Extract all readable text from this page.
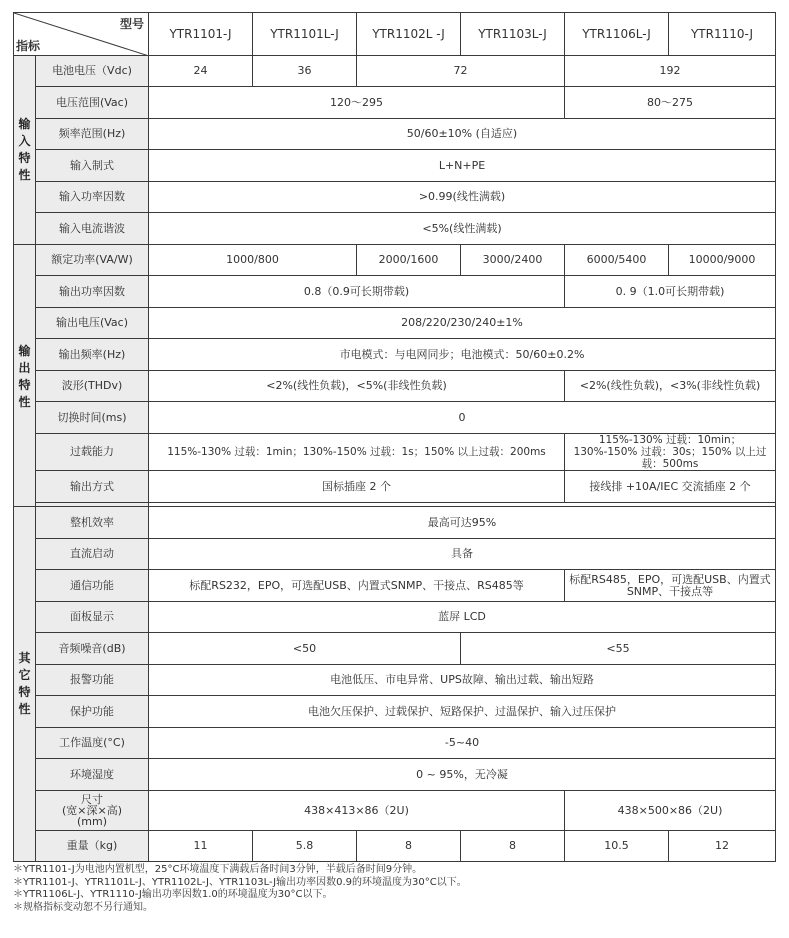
型号
指标		YTR1101-J	YTR1101L-J	YTR1102L -J	YTR1103L-J	YTR1106L-J	YTR1110-J

输
入
特
性	电池电压（Vdc)	24	36	72		192	
	电压范围(Vac)	120～295				80～275	
	频率范围(Hz)	50/60±10% (自适应)					
	输入制式	L+N+PE					
	输入功率因数	>0.99(线性满载)					
	输入电流谐波	<5%(线性满载)					

输
出
特
性	额定功率(VA/W)	1000/800		2000/1600	3000/2400	6000/5400	10000/9000
	输出功率因数	0.8（0.9可长期带载)				0. 9（1.0可长期带载)	
	输出电压(Vac)	208/220/230/240±1%					
	输出频率(Hz)	市电模式：与电网同步；电池模式：50/60±0.2%					
	波形(THDv)	<2%(线性负载)，<5%(非线性负载)				<2%(线性负载)，<3%(非线性负载)	
	切换时间(ms)	0					
	过载能力	115%-130% 过载：1min；130%-150% 过载：1s；150% 以上过载：200ms				115%-130% 过载：10min；130%-150% 过载：30s；150% 以上过载：500ms	
	输出方式	国标插座 2 个				接线排 +10A/IEC 交流插座 2 个	

其
它
特
性	整机效率	最高可达95%					
	直流启动	具备					
	通信功能	标配RS232，EPO，可选配USB、内置式SNMP、干接点、RS485等				标配RS485，EPO，可选配USB、内置式SNMP、干接点等	
	面板显示	蓝屏 LCD					
	音频噪音(dB)	<50			<55		
	报警功能	电池低压、市电异常、UPS故障、输出过载、输出短路					
	保护功能	电池欠压保护、过载保护、短路保护、过温保护、输入过压保护					
	工作温度(°C)	-5~40					
	环境湿度	0 ~ 95%，无冷凝					

	尺寸
(宽×深×高)
(mm)	438×413×86（2U)				438×500×86（2U)	
	重量（kg)	11	5.8	8	8	10.5	12
＊YTR1101-J为电池内置机型，25°C环境温度下满载后备时间3分钟，半载后备时间9分钟。
＊YTR1101-J、YTR1101L-J、YTR1102L-J、YTR1103L-J输出功率因数0.9的环境温度为30°C以下。
＊YTR1106L-J、YTR1110-J输出功率因数1.0的环境温度为30°C以下。
＊规格指标变动恕不另行通知。
